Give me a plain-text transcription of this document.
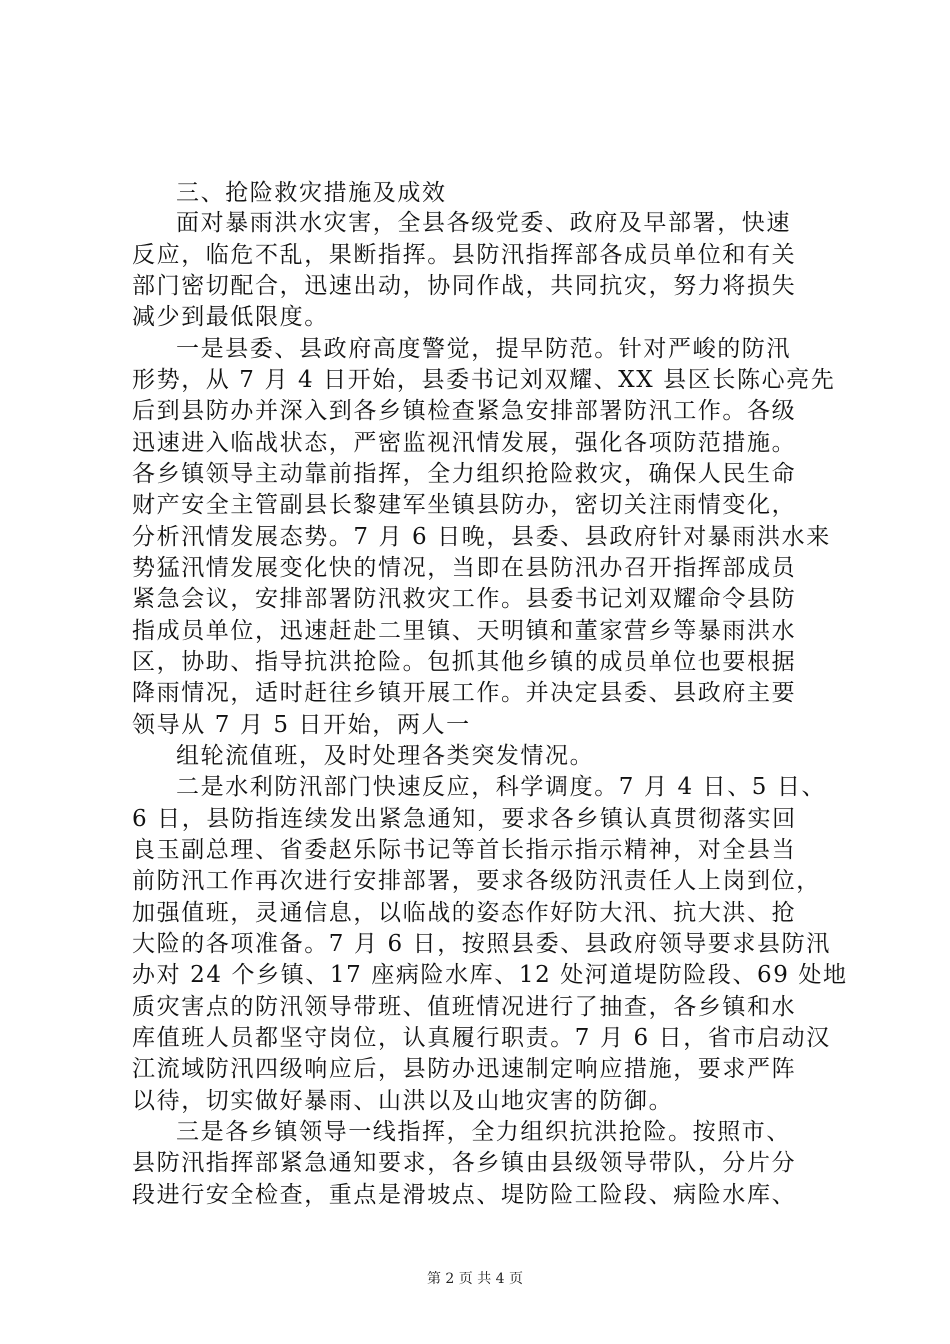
三、抢险救灾措施及成效
面对暴雨洪水灾害，全县各级党委、政府及早部署，快速
反应，临危不乱，果断指挥。县防汛指挥部各成员单位和有关
部门密切配合，迅速出动，协同作战，共同抗灾，努力将损失
减少到最低限度。
一是县委、县政府高度警觉，提早防范。针对严峻的防汛
形势，从 7 月 4 日开始，县委书记刘双耀、XX 县区长陈心亮先
后到县防办并深入到各乡镇检查紧急安排部署防汛工作。各级
迅速进入临战状态，严密监视汛情发展，强化各项防范措施。
各乡镇领导主动靠前指挥，全力组织抢险救灾，确保人民生命
财产安全主管副县长黎建军坐镇县防办，密切关注雨情变化，
分析汛情发展态势。7 月 6 日晚，县委、县政府针对暴雨洪水来
势猛汛情发展变化快的情况，当即在县防汛办召开指挥部成员
紧急会议，安排部署防汛救灾工作。县委书记刘双耀命令县防
指成员单位，迅速赶赴二里镇、天明镇和董家营乡等暴雨洪水
区，协助、指导抗洪抢险。包抓其他乡镇的成员单位也要根据
降雨情况，适时赶往乡镇开展工作。并决定县委、县政府主要
领导从 7 月 5 日开始，两人一
组轮流值班，及时处理各类突发情况。
二是水利防汛部门快速反应，科学调度。7 月 4 日、5 日、
6 日，县防指连续发出紧急通知，要求各乡镇认真贯彻落实回
良玉副总理、省委赵乐际书记等首长指示指示精神，对全县当
前防汛工作再次进行安排部署，要求各级防汛责任人上岗到位，
加强值班，灵通信息，以临战的姿态作好防大汛、抗大洪、抢
大险的各项准备。7 月 6 日，按照县委、县政府领导要求县防汛
办对 24 个乡镇、17 座病险水库、12 处河道堤防险段、69 处地
质灾害点的防汛领导带班、值班情况进行了抽查，各乡镇和水
库值班人员都坚守岗位，认真履行职责。7 月 6 日，省市启动汉
江流域防汛四级响应后，县防办迅速制定响应措施，要求严阵
以待，切实做好暴雨、山洪以及山地灾害的防御。
三是各乡镇领导一线指挥，全力组织抗洪抢险。按照市、
县防汛指挥部紧急通知要求，各乡镇由县级领导带队，分片分
段进行安全检查，重点是滑坡点、堤防险工险段、病险水库、
第 2 页 共 4 页
